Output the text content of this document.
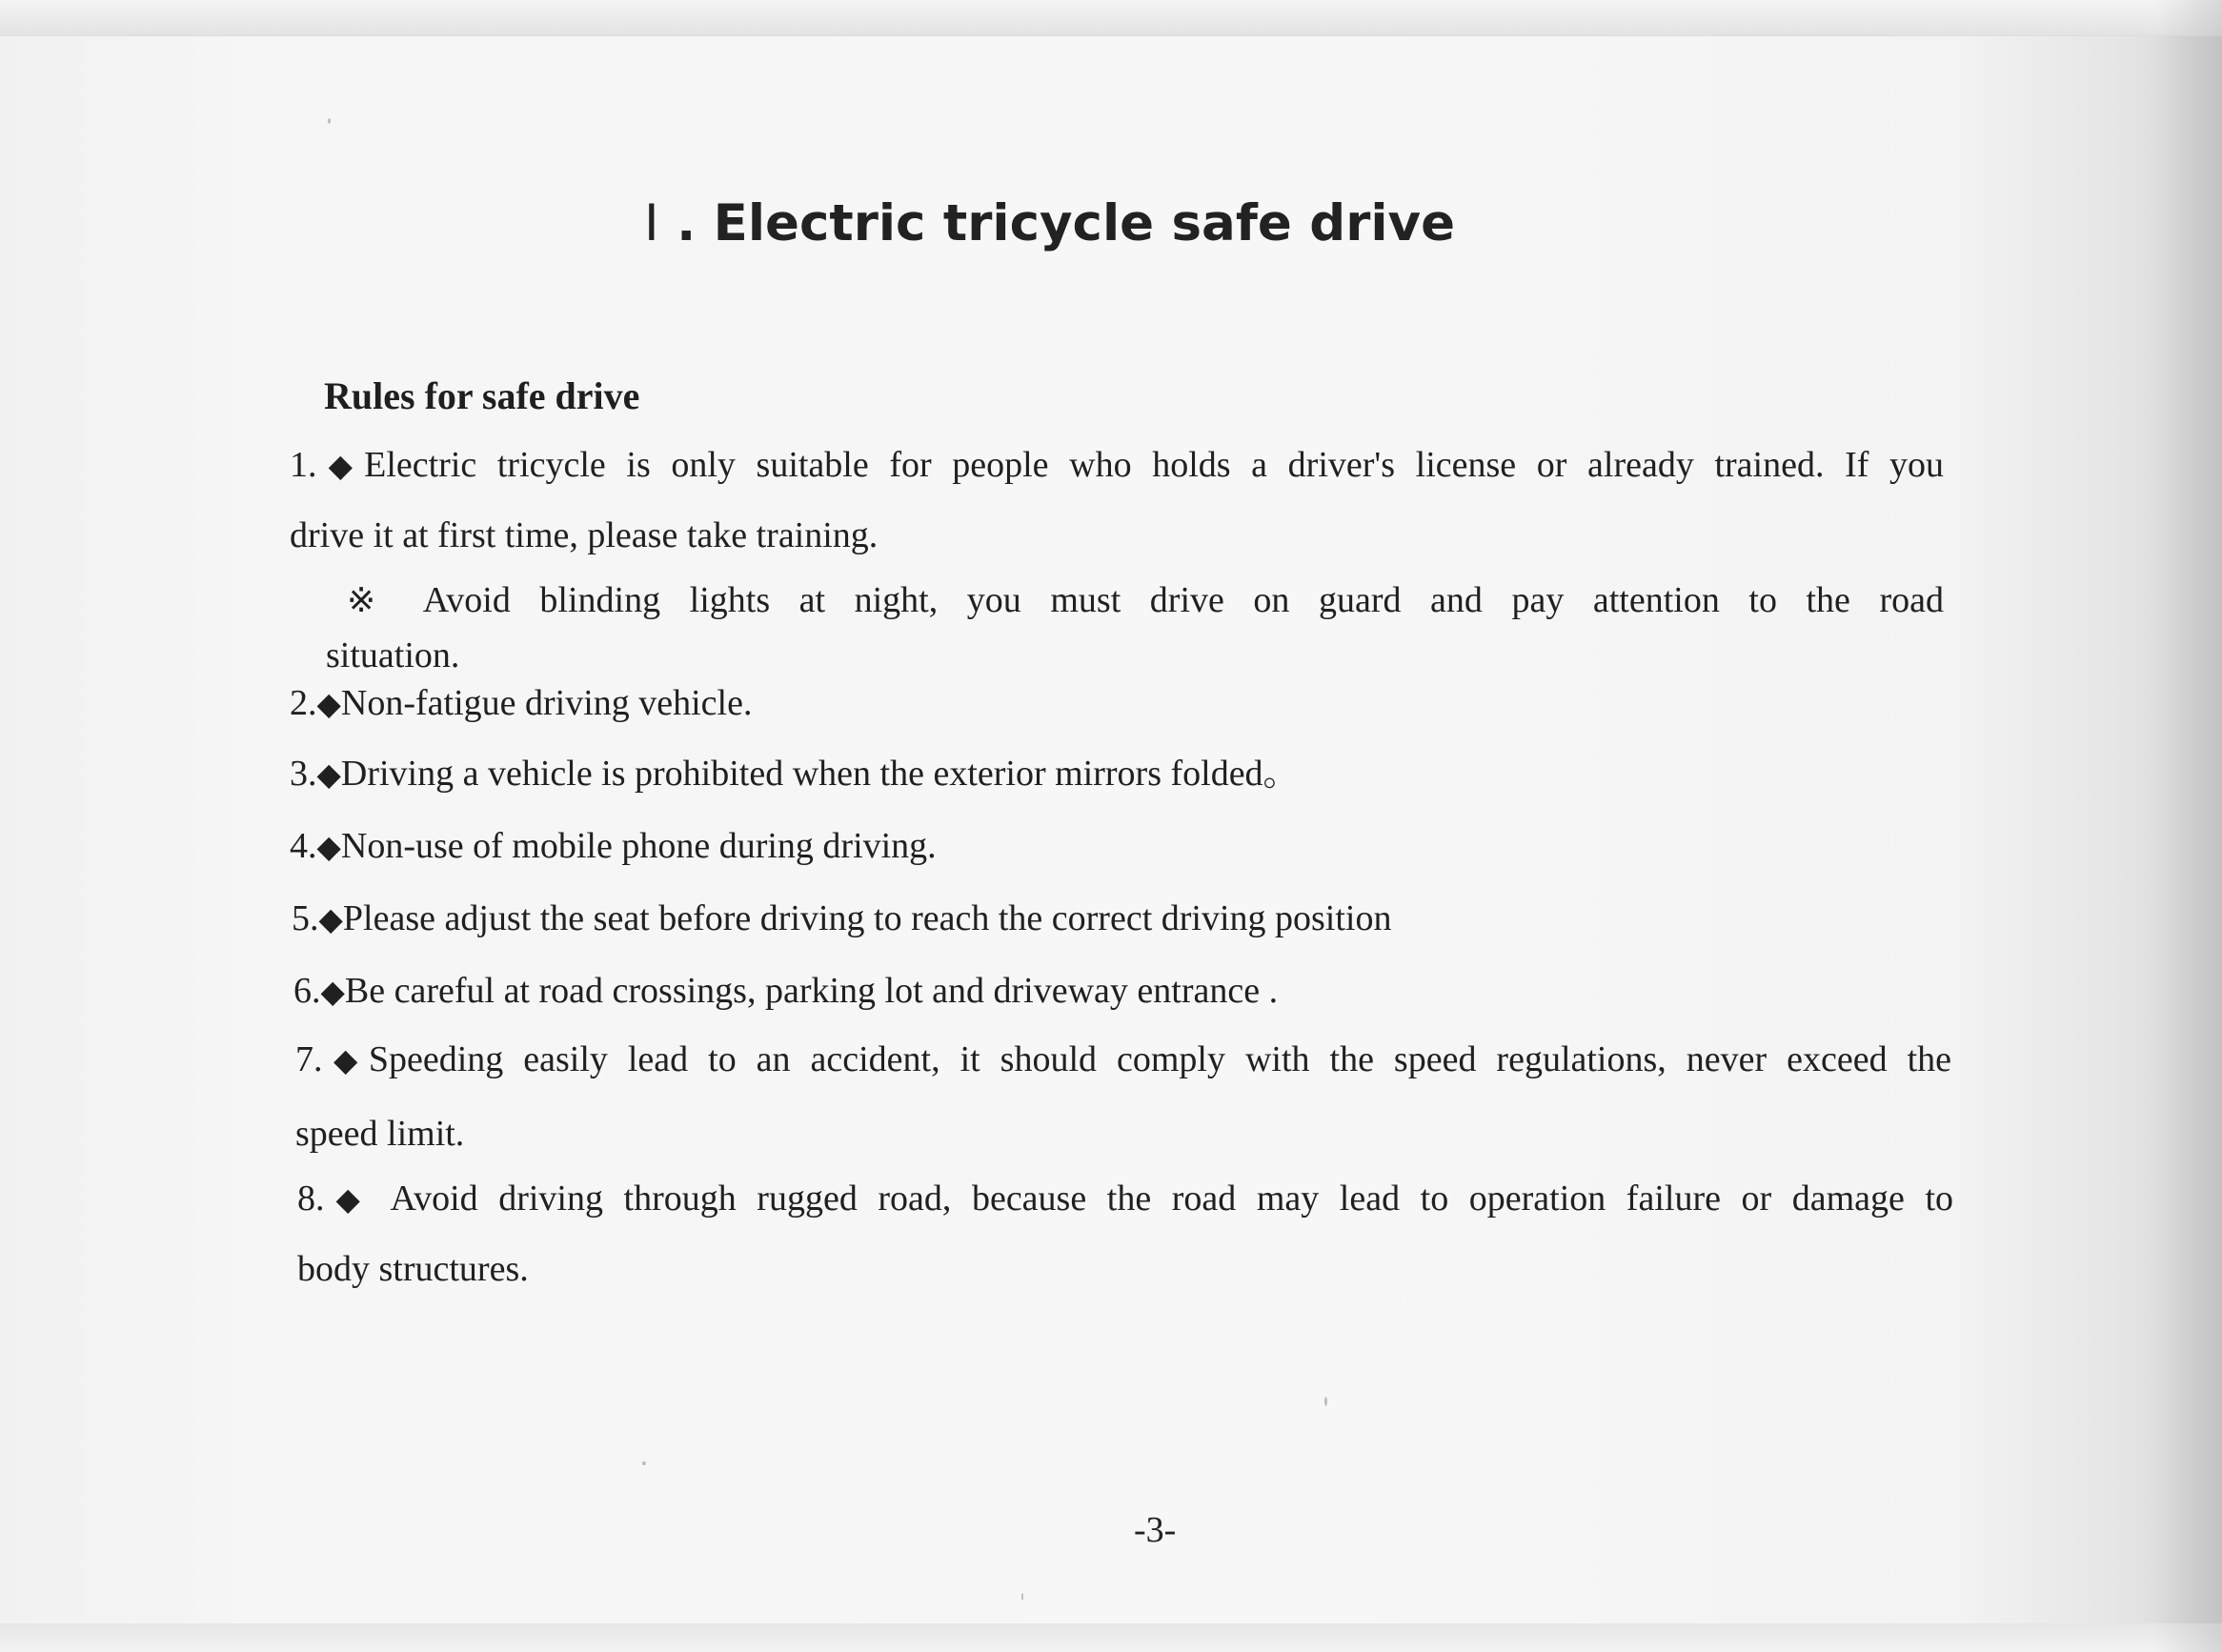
Ⅰ . Electric tricycle safe drive
Rules for safe drive
1.◆Electric tricycle is only suitable for people who holds a driver's license or already trained. If you
drive it at first time, please take training.
※ Avoid blinding lights at night, you must drive on guard and pay attention to the road
situation.
2.◆Non-fatigue driving vehicle.
3.◆Driving a vehicle is prohibited when the exterior mirrors folded。
4.◆Non-use of mobile phone during driving.
5.◆Please adjust the seat before driving to reach the correct driving position
6.◆Be careful at road crossings, parking lot and driveway entrance .
7.◆Speeding easily lead to an accident, it should comply with the speed regulations, never exceed the
speed limit.
8.◆ Avoid driving through rugged road, because the road may lead to operation failure or damage to
body structures.
-3-
